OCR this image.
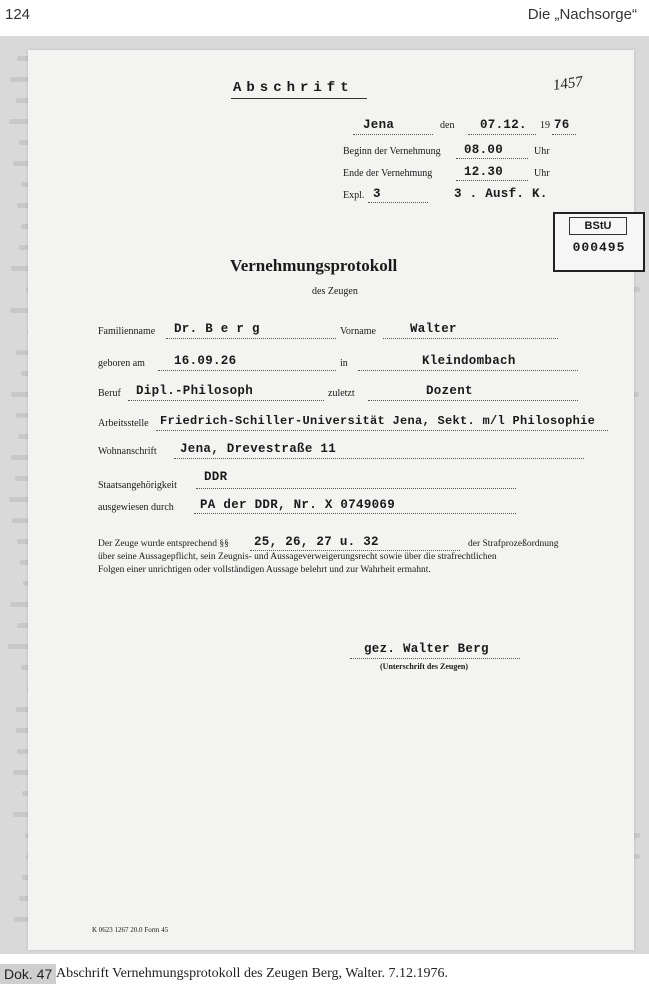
124	Die „Nachsorge“
Abschrift	1457
Jena	den 07.12. 19 76
Beginn der Vernehmung 08.00	Uhr
Ende der Vernehmung	12.30	Uhr
Expl. 3	3 . Ausf. K.
BStU
000495
Vernehmungsprotokoll
des Zeugen
Familienname Dr. B e r g	Vorname	Walter
geboren am 16.09.26	in	Kleindombach
Beruf Dipl.-Philosoph	zuletzt	Dozent
Arbeitsstelle Friedrich-Schiller-Universität Jena, Sekt. m/l Philosophie
Wohnanschrift Jena, Drevestraße 11
Staatsangehörigkeit
DDR
ausgewiesen durch PA der DDR, Nr. X 0749069
Der Zeuge wurde entsprechend §§ 25, 26, 27 u. 32	der Strafprozeßordnung
über seine Aussagepflicht, sein Zeugnis- und Aussageverweigerungsrecht sowie über die strafrechtlichen
Folgen einer unrichtigen oder vollständigen Aussage belehrt und zur Wahrheit ermahnt.
gez. Walter Berg
(Unterschrift des Zeugen)
K 0623 1267 20.0 Form 45
Dok. 47 Abschrift Vernehmungsprotokoll des Zeugen Berg, Walter. 7.12.1976.
